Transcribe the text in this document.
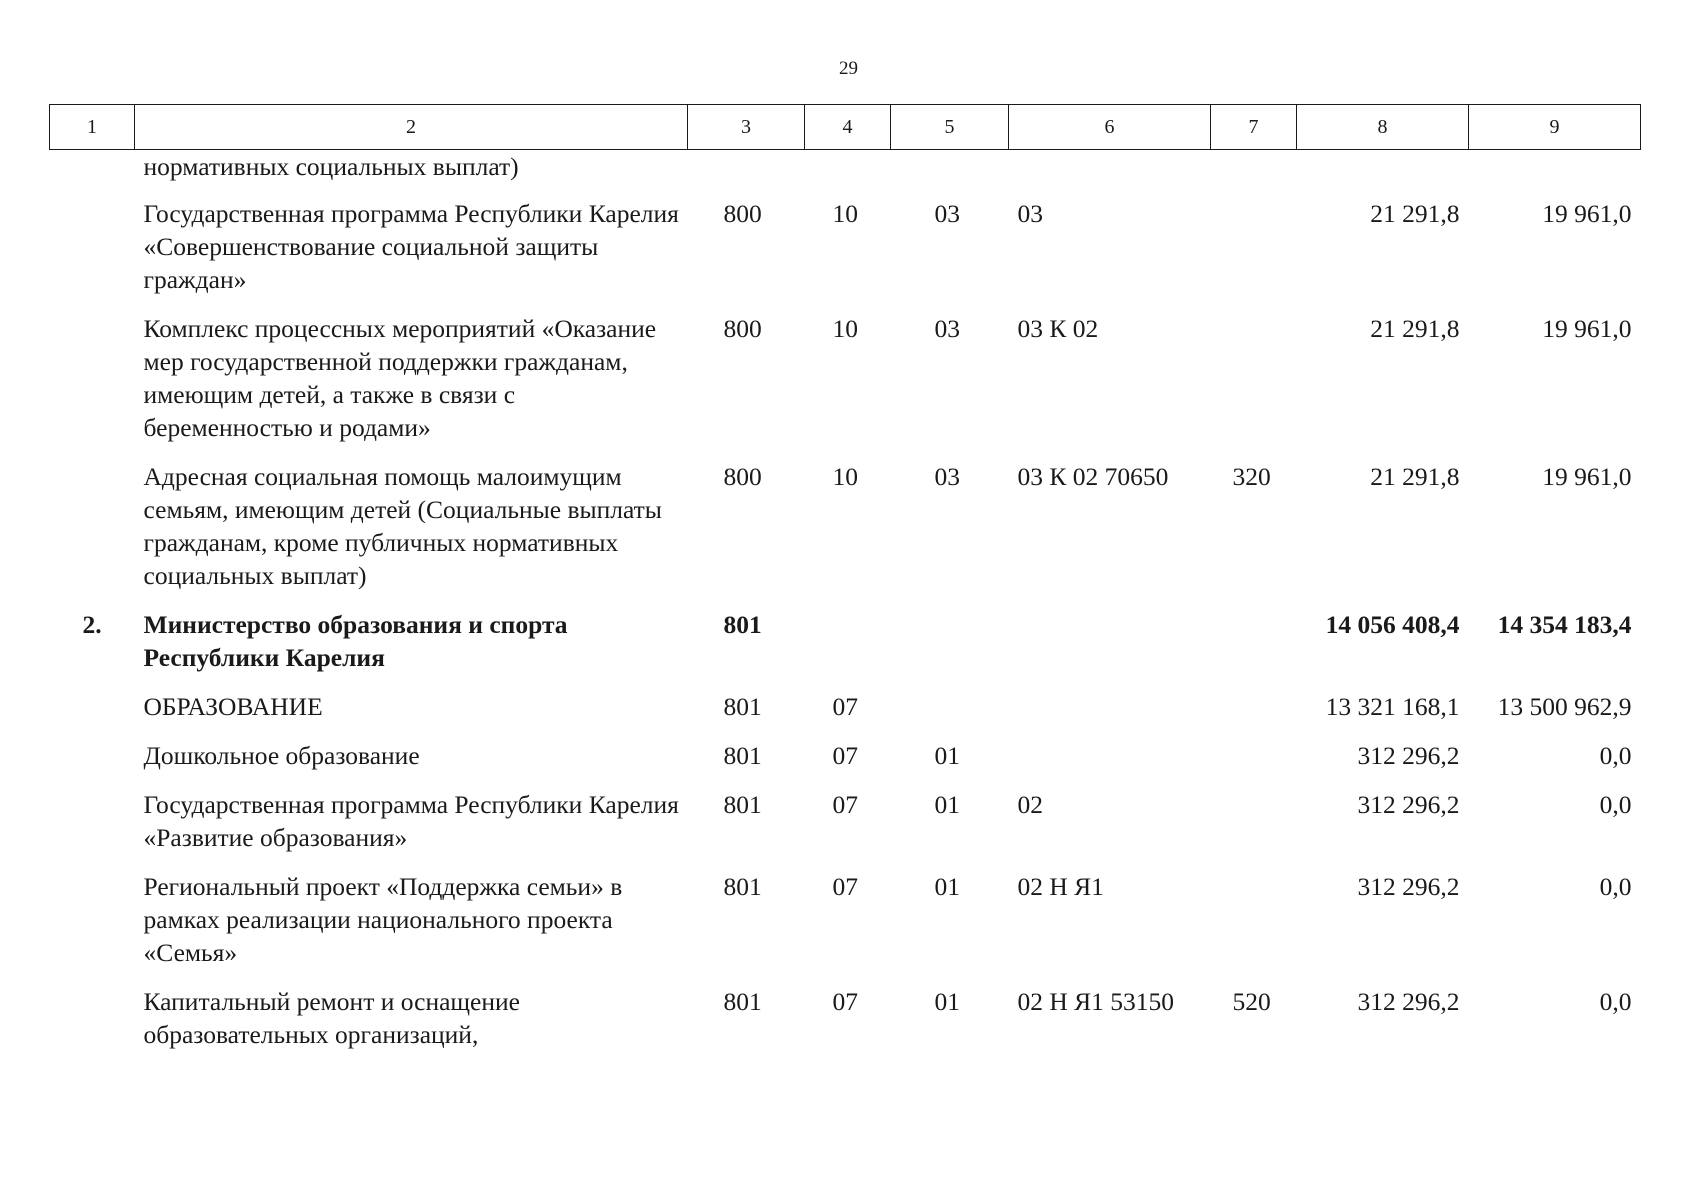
29
1	2	3	4	5	6	7	8	9
	нормативных социальных выплат)							
	Государственная программа Республики Карелия «Совершенствование социальной защиты граждан»	800	10	03	03		21 291,8	19 961,0
	Комплекс процессных мероприятий «Оказание мер государственной поддержки гражданам, имеющим детей, а также в связи с беременностью и родами»	800	10	03	03 К 02		21 291,8	19 961,0
	Адресная социальная помощь малоимущим семьям, имеющим детей (Социальные выплаты гражданам, кроме публичных нормативных социальных выплат)	800	10	03	03 К 02 70650	320	21 291,8	19 961,0
2.	Министерство образования и спорта Республики Карелия	801					14 056 408,4	14 354 183,4
	ОБРАЗОВАНИЕ	801	07				13 321 168,1	13 500 962,9
	Дошкольное образование	801	07	01			312 296,2	0,0
	Государственная программа Республики Карелия «Развитие образования»	801	07	01	02		312 296,2	0,0
	Региональный проект «Поддержка семьи» в рамках реализации национального проекта «Семья»	801	07	01	02 Н Я1		312 296,2	0,0
	Капитальный ремонт и оснащение образовательных организаций,	801	07	01	02 Н Я1 53150	520	312 296,2	0,0
